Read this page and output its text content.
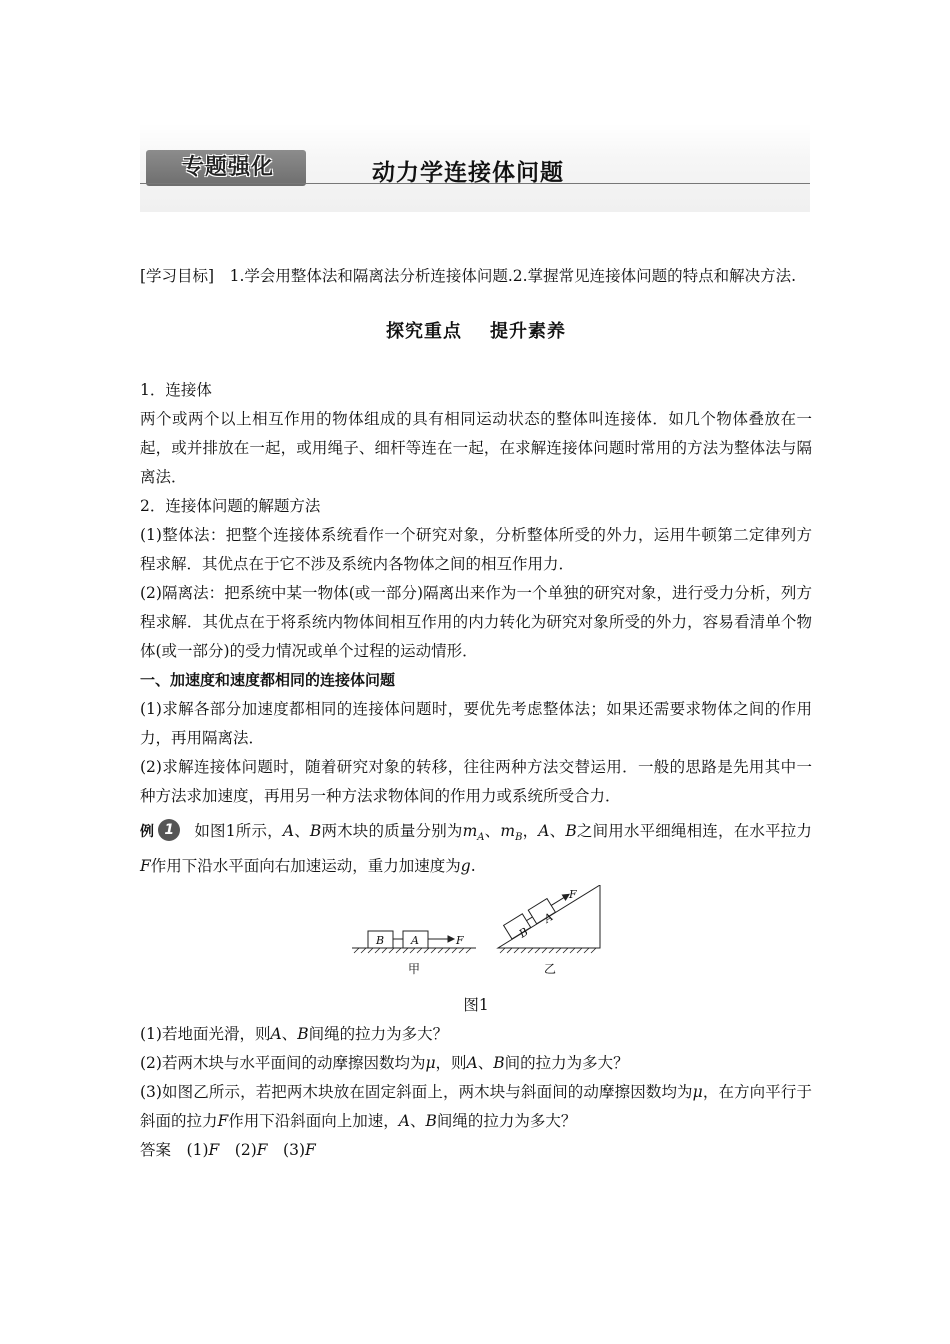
专题强化	动力学连接体问题

[学习目标]　1.学会用整体法和隔离法分析连接体问题.2.掌握常见连接体问题的特点和解决方法.

探究重点 提升素养

1．连接体

两个或两个以上相互作用的物体组成的具有相同运动状态的整体叫连接体．如几个物体叠放在一起，或并排放在一起，或用绳子、细杆等连在一起，在求解连接体问题时常用的方法为整体法与隔离法．

2．连接体问题的解题方法

(1)整体法：把整个连接体系统看作一个研究对象，分析整体所受的外力，运用牛顿第二定律列方程求解．其优点在于它不涉及系统内各物体之间的相互作用力．

(2)隔离法：把系统中某一物体(或一部分)隔离出来作为一个单独的研究对象，进行受力分析，列方程求解．其优点在于将系统内物体间相互作用的内力转化为研究对象所受的外力，容易看清单个物体(或一部分)的受力情况或单个过程的运动情形．

一、加速度和速度都相同的连接体问题

(1)求解各部分加速度都相同的连接体问题时，要优先考虑整体法；如果还需要求物体之间的作用力，再用隔离法．

(2)求解连接体问题时，随着研究对象的转移，往往两种方法交替运用．一般的思路是先用其中一种方法求加速度，再用另一种方法求物体间的作用力或系统所受合力．

例 1 如图1所示，A、B两木块的质量分别为$m_A$、$m_B$，A、B之间用水平细绳相连，在水平拉力F作用下沿水平面向右加速运动，重力加速度为g.

B A	F	B
A
F
甲	乙

图1

(1)若地面光滑，则A、B间绳的拉力为多大？

(2)若两木块与水平面间的动摩擦因数均为μ，则A、B间的拉力为多大？

(3)如图乙所示，若把两木块放在固定斜面上，两木块与斜面间的动摩擦因数均为μ，在方向平行于斜面的拉力F作用下沿斜面向上加速，A、B间绳的拉力为多大？

答案　 (1)F　 (2)F　 (3)F
